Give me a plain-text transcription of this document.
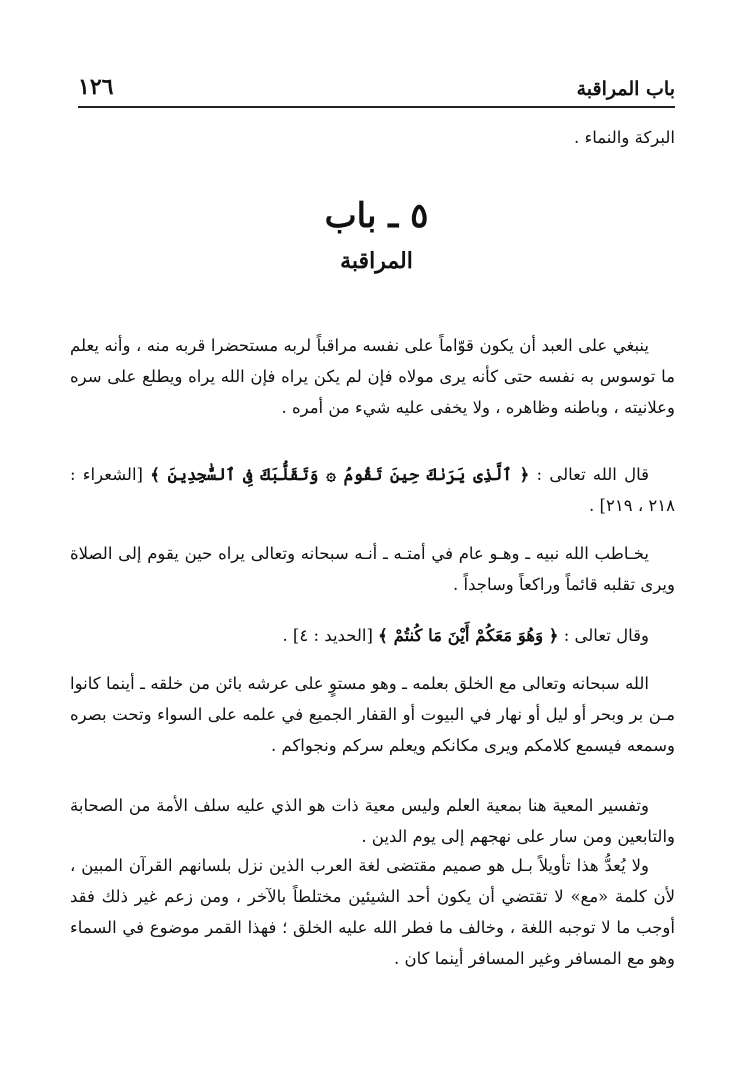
باب المراقبة
١٢٦
البركة والنماء .
٥ ـ باب
المراقبة

ينبغي على العبد أن يكون قوّاماً على نفسه مراقباً لربه مستحضرا قربه منه ، وأنه يعلم ما توسوس به نفسه حتى كأنه يرى مولاه فإن لم يكن يراه فإن الله يراه ويطلع على سره وعلانيته ، وباطنه وظاهره ، ولا يخفى عليه شيء من أمره .

قال الله تعالى : ﴿ ٱلَّذِى يَرَىٰكَ حِينَ تَقُومُ ۞ وَتَقَلُّبَكَ فِى ٱلسَّٰجِدِينَ ﴾ [الشعراء : ٢١٨ ، ٢١٩] .

يخـاطب الله نبيه ـ وهـو عام في أمتـه ـ أنـه سبحانه وتعالى يراه حين يقوم إلى الصلاة ويرى تقلبه قائماً وراكعاً وساجداً .

وقال تعالى : ﴿ وَهُوَ مَعَكُمْ أَيْنَ مَا كُنتُمْ ﴾ [الحديد : ٤] .

الله سبحانه وتعالى مع الخلق بعلمه ـ وهو مستوٍ على عرشه بائن من خلقه ـ أينما كانوا مـن بر وبحر أو ليل أو نهار في البيوت أو القفار الجميع في علمه على السواء وتحت بصره وسمعه فيسمع كلامكم ويرى مكانكم ويعلم سركم ونجواكم .

وتفسير المعية هنا بمعية العلم وليس معية ذات هو الذي عليه سلف الأمة من الصحابة والتابعين ومن سار على نهجهم إلى يوم الدين .

ولا يُعدُّ هذا تأويلاً بـل هو صميم مقتضى لغة العرب الذين نزل بلسانهم القرآن المبين ، لأن كلمة «مع» لا تقتضي أن يكون أحد الشيئين مختلطاً بالآخر ، ومن زعم غير ذلك فقد أوجب ما لا توجبه اللغة ، وخالف ما فطر الله عليه الخلق ؛ فهذا القمر موضوع في السماء وهو مع المسافر وغير المسافر أينما كان .
